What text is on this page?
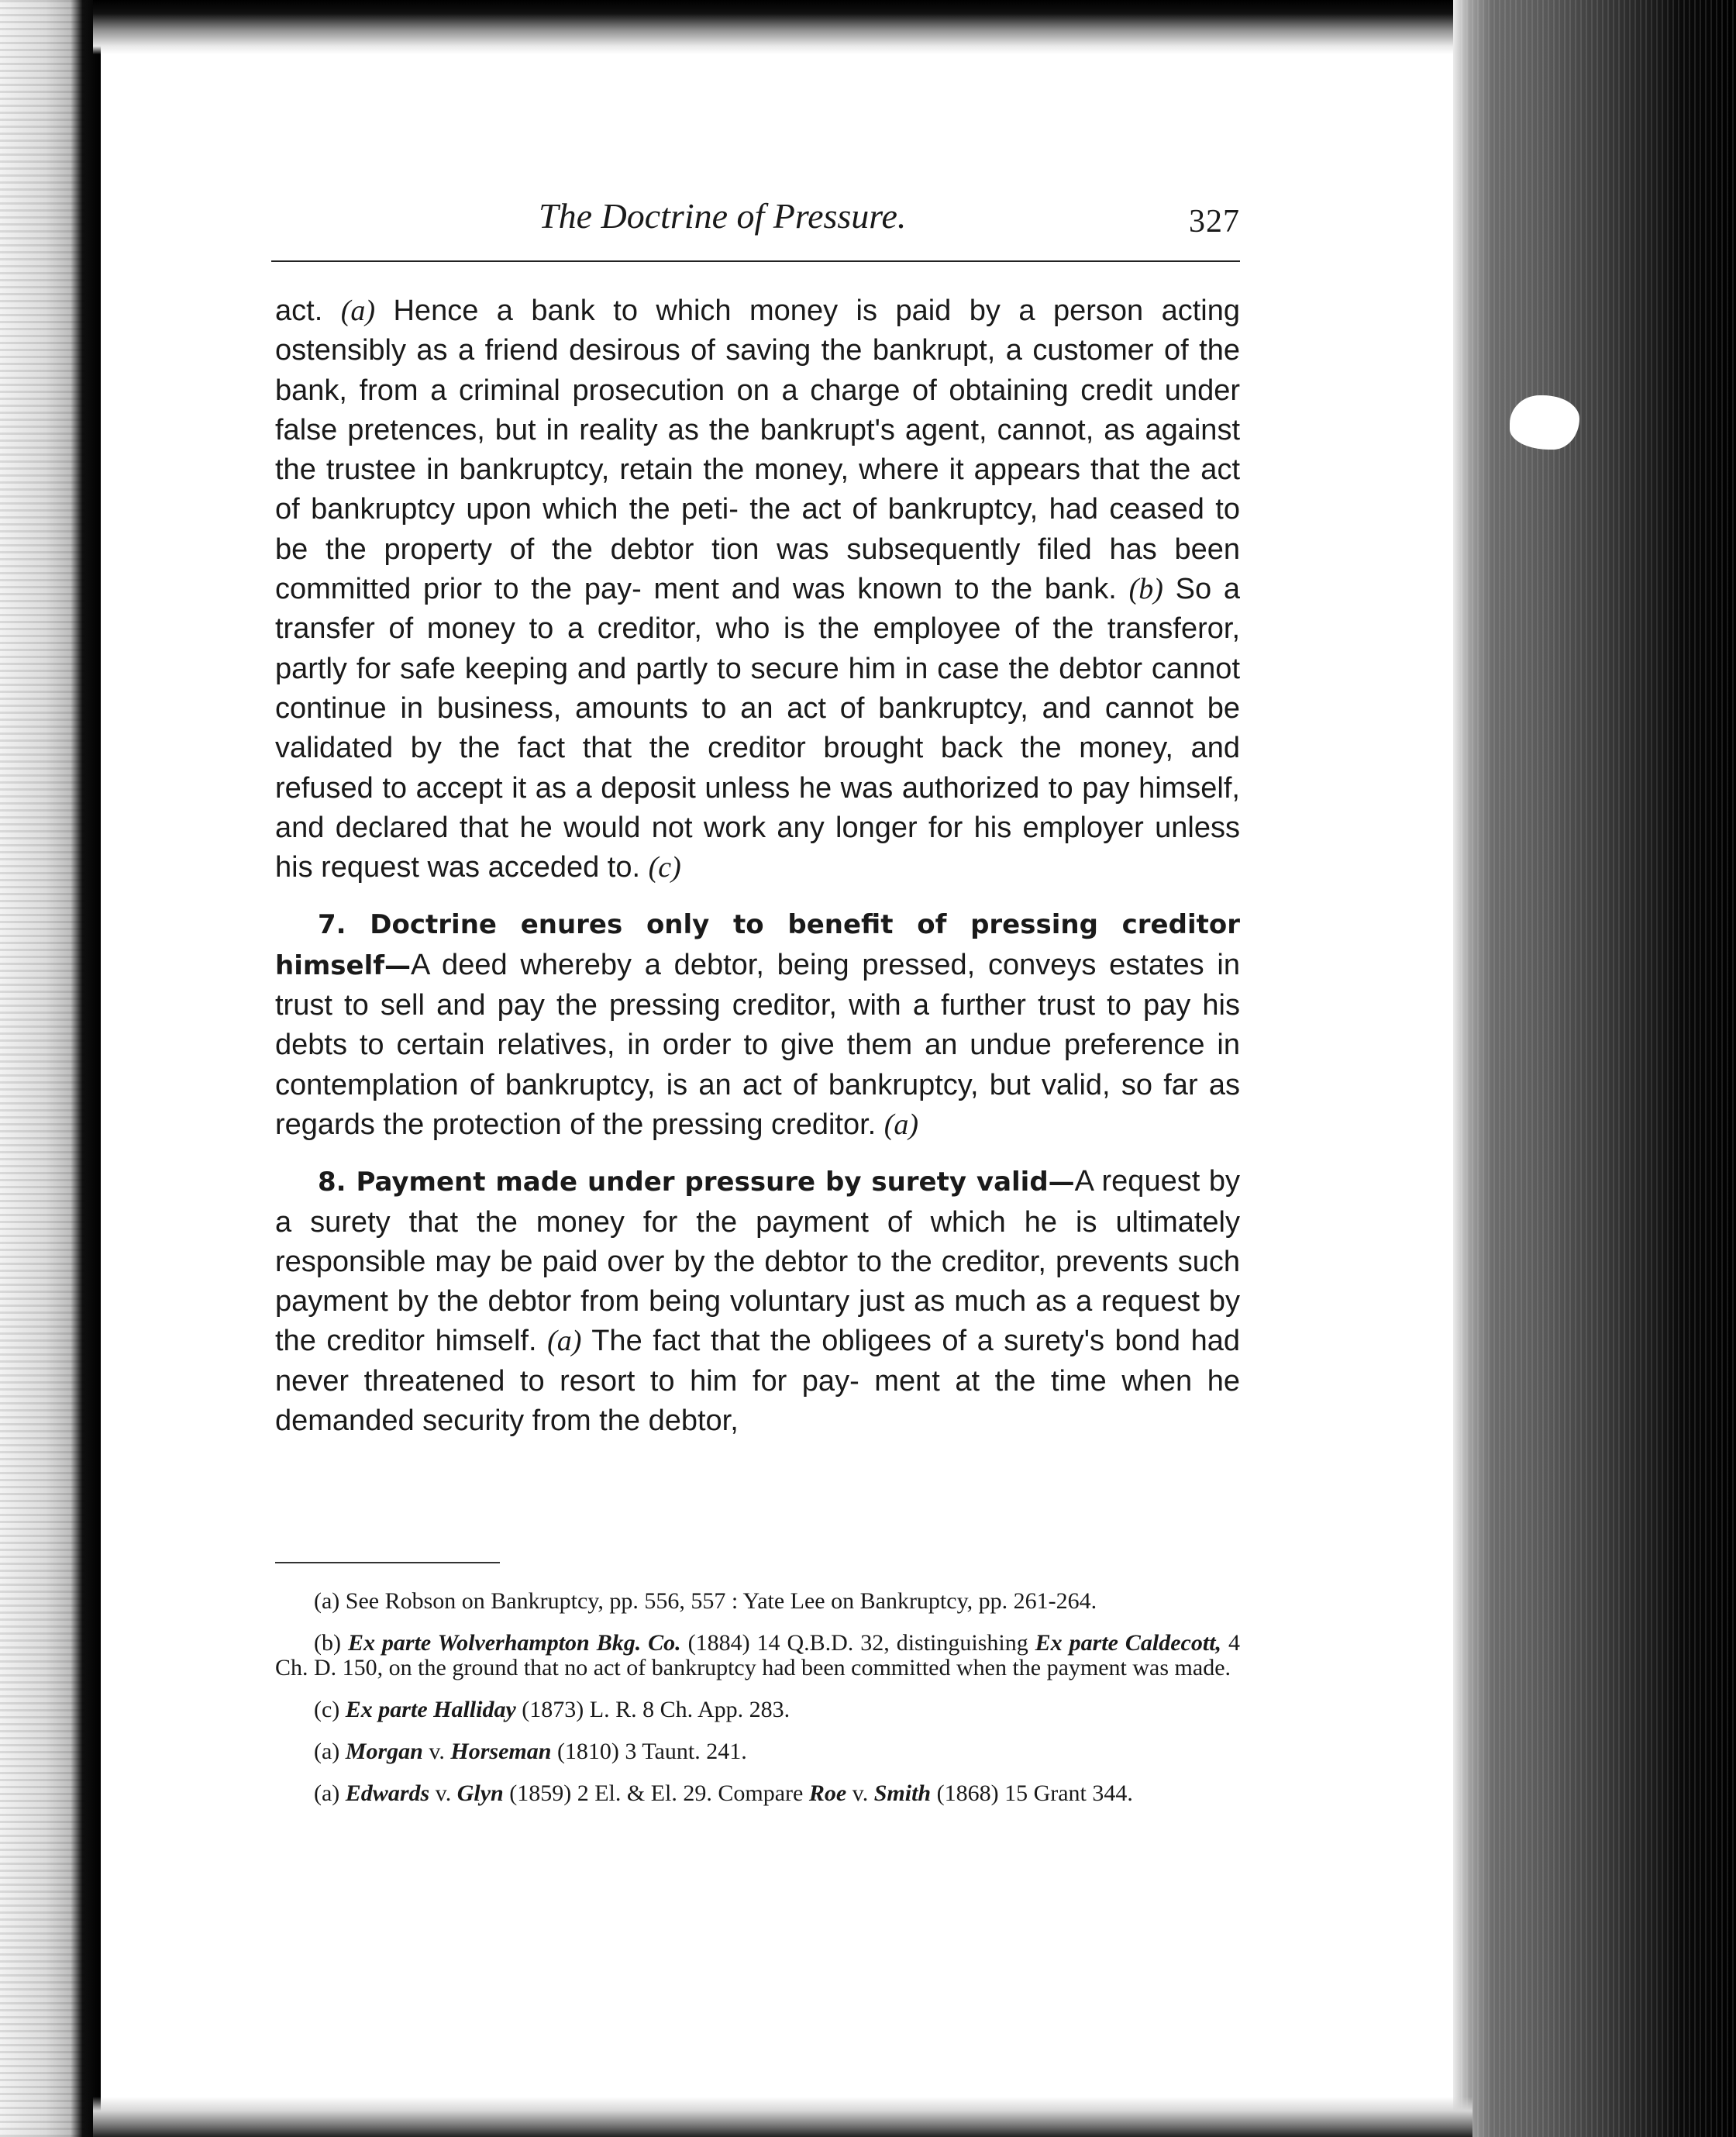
The Doctrine of Pressure.	327

act. (a) Hence a bank to which money is paid by a person acting ostensibly as a friend desirous of saving the bankrupt, a customer of the bank, from a criminal prosecution on a charge of obtaining credit under false pretences, but in reality as the bankrupt's agent, cannot, as against the trustee in bankruptcy, retain the money, where it appears that the act of bankruptcy upon which the peti- the act of bankruptcy, had ceased to be the property of the debtor tion was subsequently filed has been committed prior to the pay- ment and was known to the bank. (b) So a transfer of money to a creditor, who is the employee of the transferor, partly for safe keeping and partly to secure him in case the debtor cannot continue in business, amounts to an act of bankruptcy, and cannot be validated by the fact that the creditor brought back the money, and refused to accept it as a deposit unless he was authorized to pay himself, and declared that he would not work any longer for his employer unless his request was acceded to. (c)

7. Doctrine enures only to benefit of pressing creditor himself—A deed whereby a debtor, being pressed, conveys estates in trust to sell and pay the pressing creditor, with a further trust to pay his debts to certain relatives, in order to give them an undue preference in contemplation of bankruptcy, is an act of bankruptcy, but valid, so far as regards the protection of the pressing creditor. (a)

8. Payment made under pressure by surety valid—A request by a surety that the money for the payment of which he is ultimately responsible may be paid over by the debtor to the creditor, prevents such payment by the debtor from being voluntary just as much as a request by the creditor himself. (a) The fact that the obligees of a surety's bond had never threatened to resort to him for pay- ment at the time when he demanded security from the debtor,

(a) See Robson on Bankruptcy, pp. 556, 557 : Yate Lee on Bankruptcy, pp. 261-264.

(b) Ex parte Wolverhampton Bkg. Co. (1884) 14 Q.B.D. 32, distinguishing Ex parte Caldecott, 4 Ch. D. 150, on the ground that no act of bankruptcy had been committed when the payment was made.

(c) Ex parte Halliday (1873) L. R. 8 Ch. App. 283.

(a) Morgan v. Horseman (1810) 3 Taunt. 241.

(a) Edwards v. Glyn (1859) 2 El. & El. 29. Compare Roe v. Smith (1868) 15 Grant 344.
